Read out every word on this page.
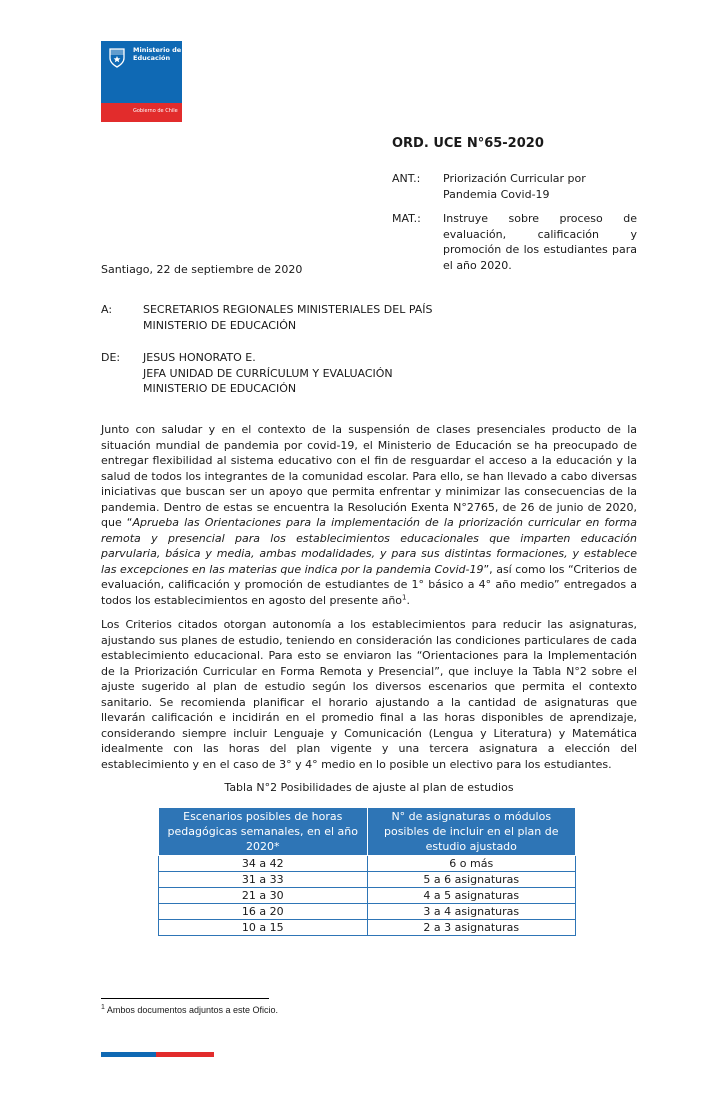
Ministerio de
Educación
Gobierno de Chile
ORD. UCE N°65-2020
ANT.: Priorización Curricular por Pandemia Covid-19
MAT.: Instruye sobre proceso de evaluación, calificación y promoción de los estudiantes para el año 2020.
Santiago, 22 de septiembre de 2020
A:	SECRETARIOS REGIONALES MINISTERIALES DEL PAÍS
MINISTERIO DE EDUCACIÓN
DE: JESUS HONORATO E.
JEFA UNIDAD DE CURRÍCULUM Y EVALUACIÓN
MINISTERIO DE EDUCACIÓN
Junto con saludar y en el contexto de la suspensión de clases presenciales producto de la situación mundial de pandemia por covid-19, el Ministerio de Educación se ha preocupado de entregar flexibilidad al sistema educativo con el fin de resguardar el acceso a la educación y la salud de todos los integrantes de la comunidad escolar. Para ello, se han llevado a cabo diversas iniciativas que buscan ser un apoyo que permita enfrentar y minimizar las consecuencias de la pandemia. Dentro de estas se encuentra la Resolución Exenta N°2765, de 26 de junio de 2020, que “Aprueba las Orientaciones para la implementación de la priorización curricular en forma remota y presencial para los establecimientos educacionales que imparten educación parvularia, básica y media, ambas modalidades, y para sus distintas formaciones, y establece las excepciones en las materias que indica por la pandemia Covid-19”, así como los “Criterios de evaluación, calificación y promoción de estudiantes de 1° básico a 4° año medio” entregados a todos los establecimientos en agosto del presente año$^1$.
Los Criterios citados otorgan autonomía a los establecimientos para reducir las asignaturas, ajustando sus planes de estudio, teniendo en consideración las condiciones particulares de cada establecimiento educacional. Para esto se enviaron las “Orientaciones para la Implementación de la Priorización Curricular en Forma Remota y Presencial”, que incluye la Tabla N°2 sobre el ajuste sugerido al plan de estudio según los diversos escenarios que permita el contexto sanitario. Se recomienda planificar el horario ajustando a la cantidad de asignaturas que llevarán calificación e incidirán en el promedio final a las horas disponibles de aprendizaje, considerando siempre incluir Lenguaje y Comunicación (Lengua y Literatura) y Matemática idealmente con las horas del plan vigente y una tercera asignatura a elección del establecimiento y en el caso de 3° y 4° medio en lo posible un electivo para los estudiantes.
Tabla N°2 Posibilidades de ajuste al plan de estudios
Escenarios posibles de horas pedagógicas semanales, en el año 2020*	N° de asignaturas o módulos posibles de incluir en el plan de estudio ajustado
34 a 42	6 o más
31 a 33	5 a 6 asignaturas
21 a 30	4 a 5 asignaturas
16 a 20	3 a 4 asignaturas
10 a 15	2 a 3 asignaturas
$^1$ Ambos documentos adjuntos a este Oficio.
